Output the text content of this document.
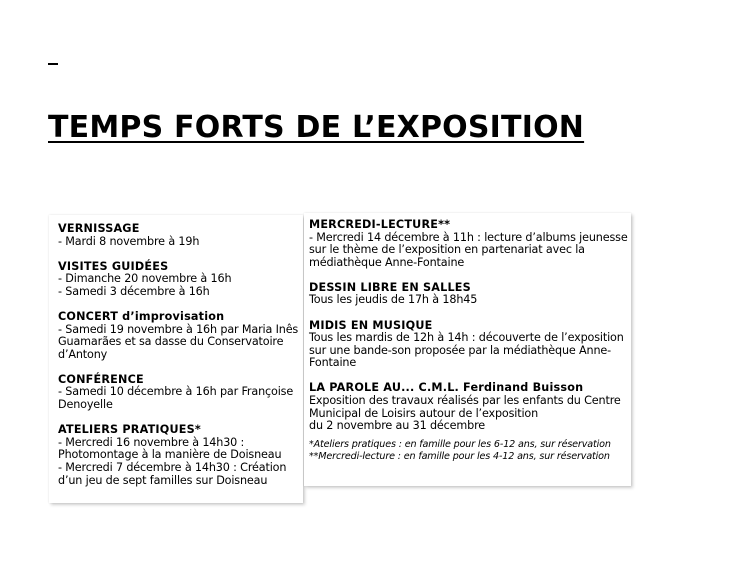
TEMPS FORTS DE L’EXPOSITION
VERNISSAGE
- Mardi 8 novembre à 19h
VISITES GUIDÉES
- Dimanche 20 novembre à 16h
- Samedi 3 décembre à 16h
CONCERT d’improvisation
- Samedi 19 novembre à 16h par Maria Inês
Guamarães et sa dasse du Conservatoire
d’Antony
CONFÉRENCE
- Samedi 10 décembre à 16h par Françoise
Denoyelle
ATELIERS PRATIQUES*
- Mercredi 16 novembre à 14h30 :
Photomontage à la manière de Doisneau
- Mercredi 7 décembre à 14h30 : Création
d’un jeu de sept familles sur Doisneau
MERCREDI-LECTURE**
- Mercredi 14 décembre à 11h : lecture d’albums jeunesse
sur le thème de l’exposition en partenariat avec la
médiathèque Anne-Fontaine
DESSIN LIBRE EN SALLES
Tous les jeudis de 17h à 18h45
MIDIS EN MUSIQUE
Tous les mardis de 12h à 14h : découverte de l’exposition
sur une bande-son proposée par la médiathèque Anne-
Fontaine
LA PAROLE AU... C.M.L. Ferdinand Buisson
Exposition des travaux réalisés par les enfants du Centre
Municipal de Loisirs autour de l’exposition
du 2 novembre au 31 décembre
*Ateliers pratiques : en famille pour les 6-12 ans, sur réservation
**Mercredi-lecture : en famille pour les 4-12 ans, sur réservation
